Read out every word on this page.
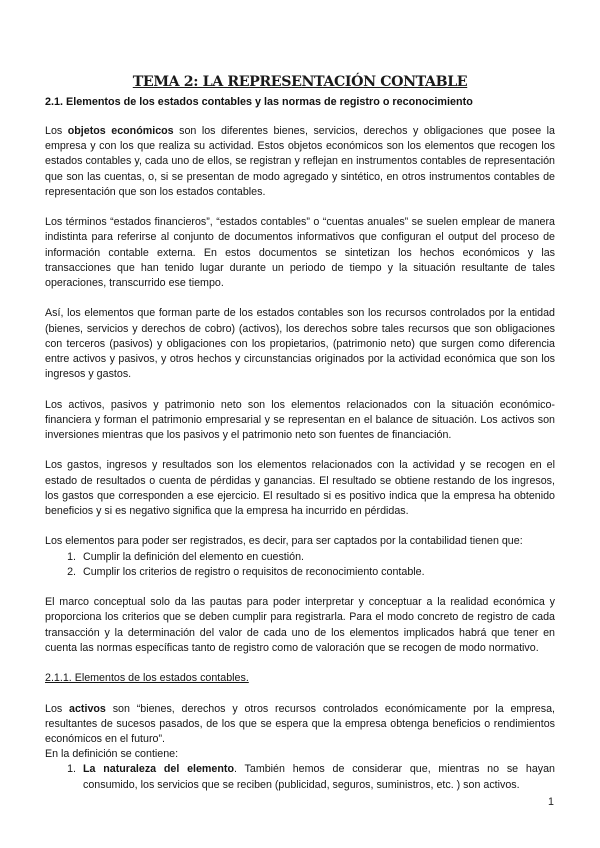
TEMA 2: LA REPRESENTACIÓN CONTABLE
2.1. Elementos de los estados contables y las normas de registro o reconocimiento

Los objetos económicos son los diferentes bienes, servicios, derechos y obligaciones que posee la empresa y con los que realiza su actividad. Estos objetos económicos son los elementos que recogen los estados contables y, cada uno de ellos, se registran y reflejan en instrumentos contables de representación que son las cuentas, o, si se presentan de modo agregado y sintético, en otros instrumentos contables de representación que son los estados contables.

Los términos “estados financieros”, “estados contables” o “cuentas anuales” se suelen emplear de manera indistinta para referirse al conjunto de documentos informativos que configuran el output del proceso de información contable externa. En estos documentos se sintetizan los hechos económicos y las transacciones que han tenido lugar durante un periodo de tiempo y la situación resultante de tales operaciones, transcurrido ese tiempo.

Así, los elementos que forman parte de los estados contables son los recursos controlados por la entidad (bienes, servicios y derechos de cobro) (activos), los derechos sobre tales recursos que son obligaciones con terceros (pasivos) y obligaciones con los propietarios, (patrimonio neto) que surgen como diferencia entre activos y pasivos, y otros hechos y circunstancias originados por la actividad económica que son los ingresos y gastos.

Los activos, pasivos y patrimonio neto son los elementos relacionados con la situación económico-financiera y forman el patrimonio empresarial y se representan en el balance de situación. Los activos son inversiones mientras que los pasivos y el patrimonio neto son fuentes de financiación.

Los gastos, ingresos y resultados son los elementos relacionados con la actividad y se recogen en el estado de resultados o cuenta de pérdidas y ganancias. El resultado se obtiene restando de los ingresos, los gastos que corresponden a ese ejercicio. El resultado si es positivo indica que la empresa ha obtenido beneficios y si es negativo significa que la empresa ha incurrido en pérdidas.

Los elementos para poder ser registrados, es decir, para ser captados por la contabilidad tienen que:

1. Cumplir la definición del elemento en cuestión.
2. Cumplir los criterios de registro o requisitos de reconocimiento contable.

El marco conceptual solo da las pautas para poder interpretar y conceptuar a la realidad económica y proporciona los criterios que se deben cumplir para registrarla. Para el modo concreto de registro de cada transacción y la determinación del valor de cada uno de los elementos implicados habrá que tener en cuenta las normas específicas tanto de registro como de valoración que se recogen de modo normativo.

2.1.1. Elementos de los estados contables.

Los activos son “bienes, derechos y otros recursos controlados económicamente por la empresa, resultantes de sucesos pasados, de los que se espera que la empresa obtenga beneficios o rendimientos económicos en el futuro”.

En la definición se contiene:

1. La naturaleza del elemento. También hemos de considerar que, mientras no se hayan consumido, los servicios que se reciben (publicidad, seguros, suministros, etc. ) son activos.
1
